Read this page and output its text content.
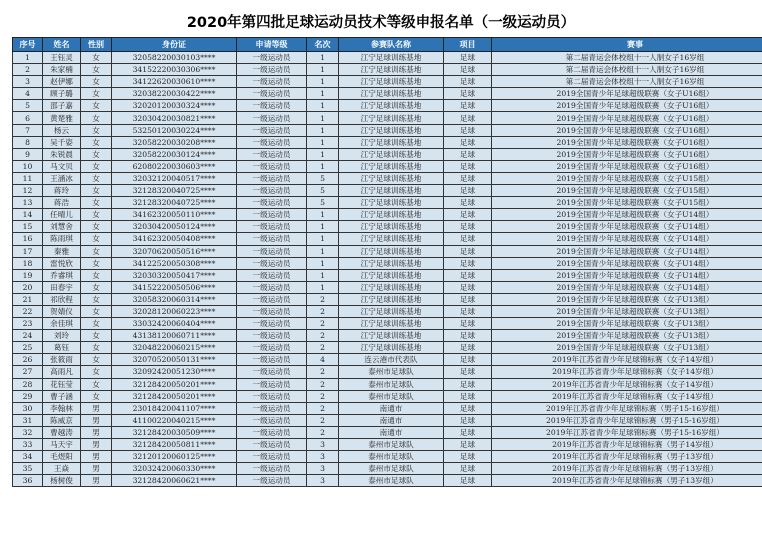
2020年第四批足球运动员技术等级申报名单（一级运动员）
序号	姓名	性别	身份证	申请等级	名次	参赛队名称	项目	赛事
1	王钰灵	女	32058220030103****	一级运动员	1	江宁足球训练基地	足球	第二届青运会体校组十一人制女子16岁组
2	朱家楠	女	34152220030306****	一级运动员	1	江宁足球训练基地	足球	第二届青运会体校组十一人制女子16岁组
3	赵伊娜	女	34122620030610****	一级运动员	1	江宁足球训练基地	足球	第二届青运会体校组十一人制女子16岁组
4	顾子璐	女	32038220030422****	一级运动员	1	江宁足球训练基地	足球	2019全国青少年足球超级联赛（女子U16组）
5	邵子嘉	女	32020120030324****	一级运动员	1	江宁足球训练基地	足球	2019全国青少年足球超级联赛（女子U16组）
6	黄楚雅	女	32030420030821****	一级运动员	1	江宁足球训练基地	足球	2019全国青少年足球超级联赛（女子U16组）
7	杨云	女	53250120030224****	一级运动员	1	江宁足球训练基地	足球	2019全国青少年足球超级联赛（女子U16组）
8	吴千姿	女	32058220030208****	一级运动员	1	江宁足球训练基地	足球	2019全国青少年足球超级联赛（女子U16组）
9	朱锐晨	女	32058220030124****	一级运动员	1	江宁足球训练基地	足球	2019全国青少年足球超级联赛（女子U16组）
10	马文贝	女	62080220030603****	一级运动员	1	江宁足球训练基地	足球	2019全国青少年足球超级联赛（女子U16组）
11	王涵冰	女	32032120040517****	一级运动员	5	江宁足球训练基地	足球	2019全国青少年足球超级联赛（女子U15组）
12	蒋玲	女	32128320040725****	一级运动员	5	江宁足球训练基地	足球	2019全国青少年足球超级联赛（女子U15组）
13	蒋浩	女	32128320040725****	一级运动员	5	江宁足球训练基地	足球	2019全国青少年足球超级联赛（女子U15组）
14	任晴儿	女	34162320050110****	一级运动员	1	江宁足球训练基地	足球	2019全国青少年足球超级联赛（女子U14组）
15	刘慧舍	女	32030420050124****	一级运动员	1	江宁足球训练基地	足球	2019全国青少年足球超级联赛（女子U14组）
16	陈雨琪	女	34162320050408****	一级运动员	1	江宁足球训练基地	足球	2019全国青少年足球超级联赛（女子U14组）
17	秦雅	女	32070620050516****	一级运动员	1	江宁足球训练基地	足球	2019全国青少年足球超级联赛（女子U14组）
18	雷悦欣	女	34122520050308****	一级运动员	1	江宁足球训练基地	足球	2019全国青少年足球超级联赛（女子U14组）
19	乔睿琪	女	32030320050417****	一级运动员	1	江宁足球训练基地	足球	2019全国青少年足球超级联赛（女子U14组）
20	田春宇	女	34152220050506****	一级运动员	1	江宁足球训练基地	足球	2019全国青少年足球超级联赛（女子U14组）
21	祁欣程	女	32058320060314****	一级运动员	2	江宁足球训练基地	足球	2019全国青少年足球超级联赛（女子U13组）
22	贺婧仪	女	32028120060223****	一级运动员	2	江宁足球训练基地	足球	2019全国青少年足球超级联赛（女子U13组）
23	余佳琪	女	33032420060404****	一级运动员	2	江宁足球训练基地	足球	2019全国青少年足球超级联赛（女子U13组）
24	刘玲	女	43138120060711****	一级运动员	2	江宁足球训练基地	足球	2019全国青少年足球超级联赛（女子U13组）
25	葛钰	女	32048220060215****	一级运动员	2	江宁足球训练基地	足球	2019全国青少年足球超级联赛（女子U13组）
26	张筱雨	女	32070520050131****	一级运动员	4	连云港市代表队	足球	2019年江苏省青少年足球锦标赛（女子14岁组）
27	高雨凡	女	32092420051230****	一级运动员	2	泰州市足球队	足球	2019年江苏省青少年足球锦标赛（女子14岁组）
28	花钰莹	女	32128420050201****	一级运动员	2	泰州市足球队	足球	2019年江苏省青少年足球锦标赛（女子14岁组）
29	曹子涵	女	32128420050201****	一级运动员	2	泰州市足球队	足球	2019年江苏省青少年足球锦标赛（女子14岁组）
30	李翰林	男	23018420041107****	一级运动员	2	南通市	足球	2019年江苏省青少年足球锦标赛（男子15-16岁组）
31	陈威京	男	41100220040215****	一级运动员	2	南通市	足球	2019年江苏省青少年足球锦标赛（男子15-16岁组）
32	曹越涛	男	32128420030509****	一级运动员	2	南通市	足球	2019年江苏省青少年足球锦标赛（男子15-16岁组）
33	马天宇	男	32128420050811****	一级运动员	3	泰州市足球队	足球	2019年江苏省青少年足球锦标赛（男子14岁组）
34	毛煜阳	男	32120120060125****	一级运动员	3	泰州市足球队	足球	2019年江苏省青少年足球锦标赛（男子13岁组）
35	王焱	男	32032420060330****	一级运动员	3	泰州市足球队	足球	2019年江苏省青少年足球锦标赛（男子13岁组）
36	杨树俊	男	32128420060621****	一级运动员	3	泰州市足球队	足球	2019年江苏省青少年足球锦标赛（男子13岁组）
